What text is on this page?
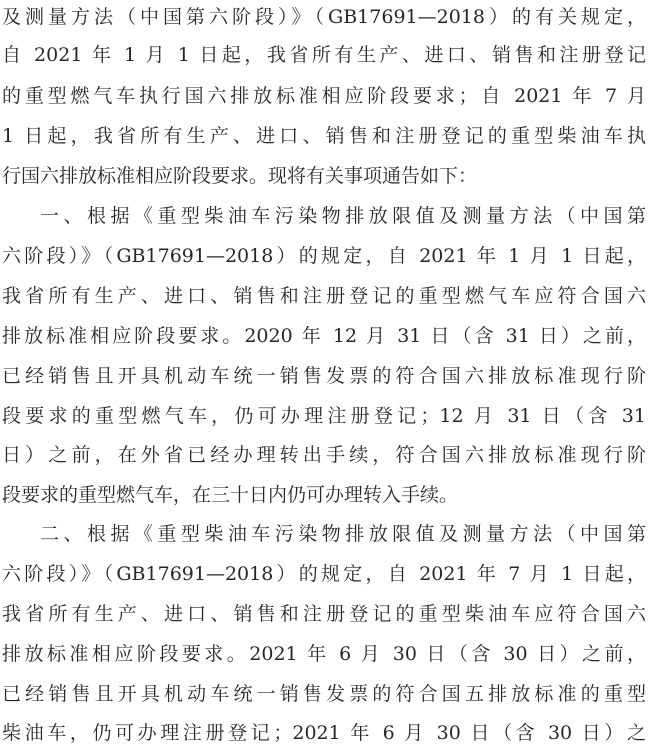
及测量方法（中国第六阶段）》（GB17691—2018）的有关规定，

自 2021 年 1 月 1 日起，我省所有生产、进口、销售和注册登记

的重型燃气车执行国六排放标准相应阶段要求；自 2021 年 7 月

1 日起，我省所有生产、进口、销售和注册登记的重型柴油车执

行国六排放标准相应阶段要求。现将有关事项通告如下：

一、根据《重型柴油车污染物排放限值及测量方法（中国第

六阶段）》（GB17691—2018）的规定，自 2021 年 1 月 1 日起，

我省所有生产、进口、销售和注册登记的重型燃气车应符合国六

排放标准相应阶段要求。2020 年 12 月 31 日（含 31 日）之前，

已经销售且开具机动车统一销售发票的符合国六排放标准现行阶

段要求的重型燃气车，仍可办理注册登记；12 月 31 日（含 31

日）之前，在外省已经办理转出手续，符合国六排放标准现行阶

段要求的重型燃气车，在三十日内仍可办理转入手续。

二、根据《重型柴油车污染物排放限值及测量方法（中国第

六阶段）》（GB17691—2018）的规定，自 2021 年 7 月 1 日起，

我省所有生产、进口、销售和注册登记的重型柴油车应符合国六

排放标准相应阶段要求。2021 年 6 月 30 日（含 30 日）之前，

已经销售且开具机动车统一销售发票的符合国五排放标准的重型

柴油车，仍可办理注册登记；2021 年 6 月 30 日（含 30 日）之
